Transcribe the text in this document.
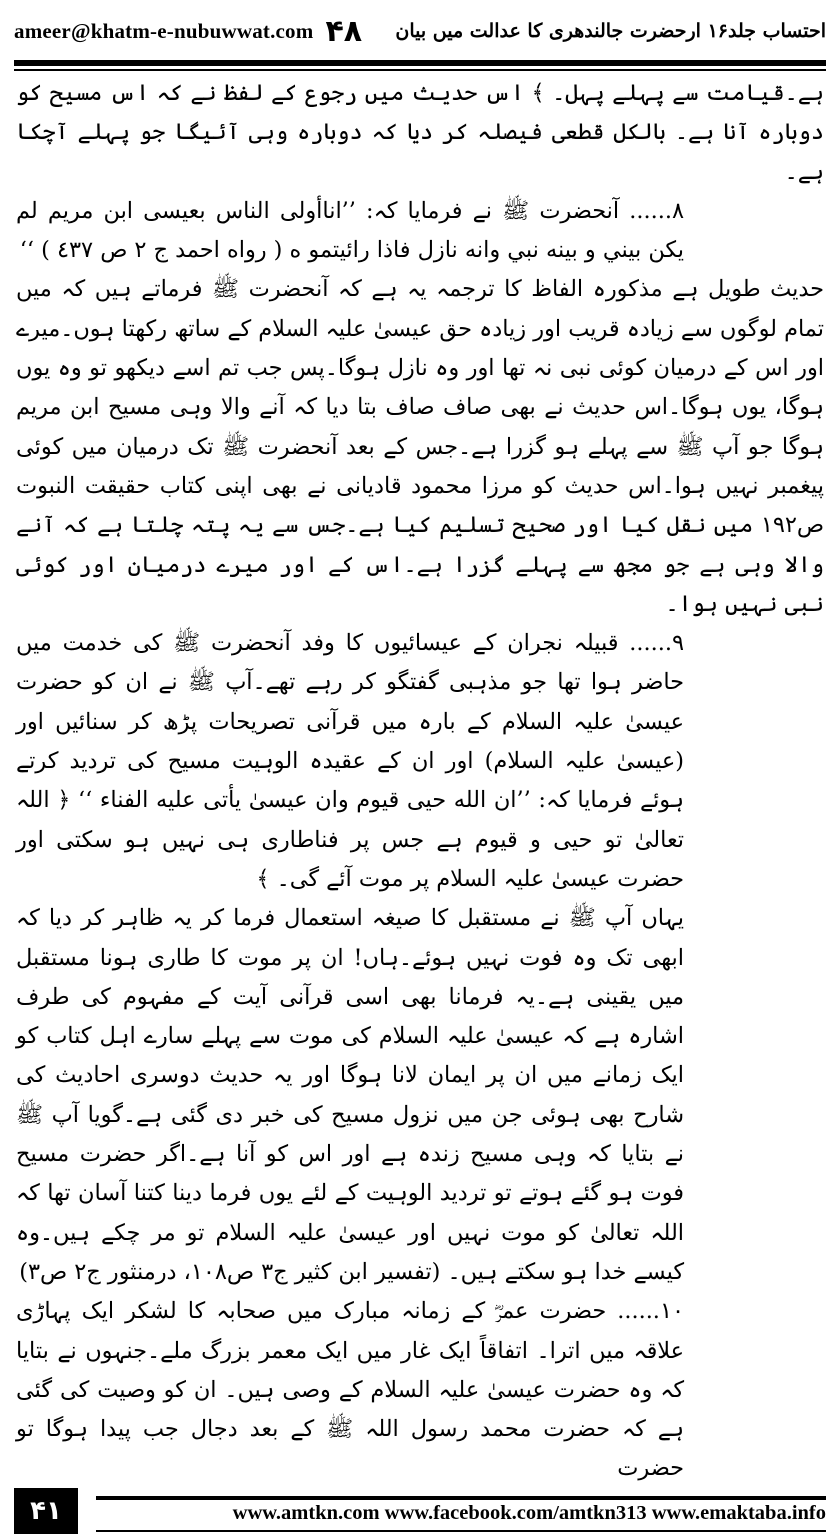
ameer@khatm-e-nubuwwat.com ۴۸ احتساب جلد۱۶ ارحضرت جالندھری کا عدالت میں بیان

ہے۔قیامت سے پہلے پہل۔ ﴾ اس حدیث میں رجوع کے لفظ نے کہ اس مسیح کو دوبارہ آنا ہے۔ بالکل قطعی فیصلہ کر دیا کہ دوبارہ وہی آئیگا جو پہلے آچکا ہے۔

۸...... آنحضرت ﷺ نے فرمایا کہ: ’’اناأولى الناس بعيسى ابن مريم لم يكن بيني و بينه نبي وانه نازل فاذا رائيتمو ه ( رواه احمد ج ٢ ص ٤٣٧ ) ‘‘

حدیث طویل ہے مذکورہ الفاظ کا ترجمہ یہ ہے کہ آنحضرت ﷺ فرماتے ہیں کہ میں تمام لوگوں سے زیادہ قریب اور زیادہ حق عیسیٰ علیہ السلام کے ساتھ رکھتا ہوں۔میرے اور اس کے درمیان کوئی نبی نہ تھا اور وہ نازل ہوگا۔پس جب تم اسے دیکھو تو وہ یوں ہوگا، یوں ہوگا۔اس حدیث نے بھی صاف صاف بتا دیا کہ آنے والا وہی مسیح ابن مریم ہوگا جو آپ ﷺ سے پہلے ہو گزرا ہے۔جس کے بعد آنحضرت ﷺ تک درمیان میں کوئی پیغمبر نہیں ہوا۔اس حدیث کو مرزا محمود قادیانی نے بھی اپنی کتاب حقیقت النبوت ص۱۹۲ میں نقل کیا اور صحیح تسلیم کیا ہے۔جس سے یہ پتہ چلتا ہے کہ آنے والا وہی ہے جو مجھ سے پہلے گزرا ہے۔اس کے اور میرے درمیان اور کوئی نبی نہیں ہوا۔

۹...... قبیلہ نجران کے عیسائیوں کا وفد آنحضرت ﷺ کی خدمت میں حاضر ہوا تھا جو مذہبی گفتگو کر رہے تھے۔آپ ﷺ نے ان کو حضرت عیسیٰ علیہ السلام کے بارہ میں قرآنی تصریحات پڑھ کر سنائیں اور (عیسیٰ علیہ السلام) اور ان کے عقیدہ الوہیت مسیح کی تردید کرتے ہوئے فرمایا کہ: ’’ان الله حيى قيوم وان عيسىٰ يأتى عليه الفناء ‘‘ ﴿ اللہ تعالیٰ تو حیی و قیوم ہے جس پر فناطاری ہی نہیں ہو سکتی اور حضرت عیسیٰ علیہ السلام پر موت آئے گی۔ ﴾

یہاں آپ ﷺ نے مستقبل کا صیغہ استعمال فرما کر یہ ظاہر کر دیا کہ ابھی تک وہ فوت نہیں ہوئے۔ہاں! ان پر موت کا طاری ہونا مستقبل میں یقینی ہے۔یہ فرمانا بھی اسی قرآنی آیت کے مفہوم کی طرف اشارہ ہے کہ عیسیٰ علیہ السلام کی موت سے پہلے سارے اہل کتاب کو ایک زمانے میں ان پر ایمان لانا ہوگا اور یہ حدیث دوسری احادیث کی شارح بھی ہوئی جن میں نزول مسیح کی خبر دی گئی ہے۔گویا آپ ﷺ نے بتایا کہ وہی مسیح زندہ ہے اور اس کو آنا ہے۔اگر حضرت مسیح فوت ہو گئے ہوتے تو تردید الوہیت کے لئے یوں فرما دینا کتنا آسان تھا کہ اللہ تعالیٰ کو موت نہیں اور عیسیٰ علیہ السلام تو مر چکے ہیں۔وہ کیسے خدا ہو سکتے ہیں۔ (تفسیر ابن کثیر ج۳ ص۱۰۸، درمنثور ج۲ ص۳)

۱۰...... حضرت عمرؓ کے زمانہ مبارک میں صحابہ کا لشکر ایک پہاڑی علاقہ میں اترا۔ اتفاقاً ایک غار میں ایک معمر بزرگ ملے۔جنہوں نے بتایا کہ وہ حضرت عیسیٰ علیہ السلام کے وصی ہیں۔ ان کو وصیت کی گئی ہے کہ حضرت محمد رسول اللہ ﷺ کے بعد دجال جب پیدا ہوگا تو حضرت

۴۱	www.amtkn.com www.facebook.com/amtkn313 www.emaktaba.info
